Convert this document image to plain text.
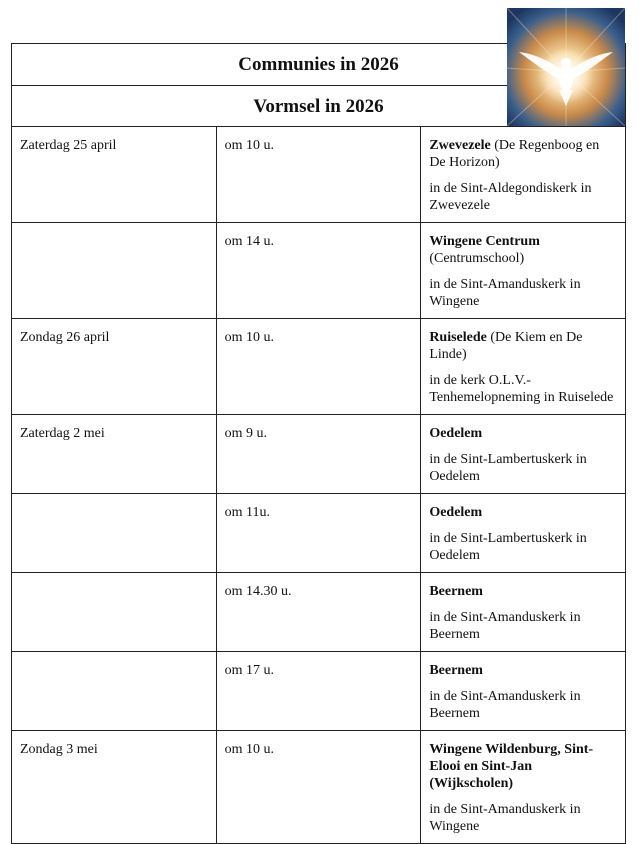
Communies in 2026		
Vormsel in 2026		
Zaterdag 25 april	om 10 u.	Zwevezele (De Regenboog en De Horizon)
in de Sint-Aldegondiskerk in Zwevezele

	om 14 u.	Wingene Centrum (Centrumschool)
in de Sint-Amanduskerk in Wingene

Zondag 26 april	om 10 u.	Ruiselede (De Kiem en De Linde)
in de kerk O.L.V.-Tenhemelopneming in Ruiselede

Zaterdag 2 mei	om 9 u.	Oedelem
in de Sint-Lambertuskerk in Oedelem

	om 11u.	Oedelem
in de Sint-Lambertuskerk in Oedelem

	om 14.30 u.	Beernem
in de Sint-Amanduskerk in Beernem

	om 17 u.	Beernem
in de Sint-Amanduskerk in Beernem

Zondag 3 mei	om 10 u.	Wingene Wildenburg, Sint-Elooi en Sint-Jan (Wijkscholen)
in de Sint-Amanduskerk in Wingene
